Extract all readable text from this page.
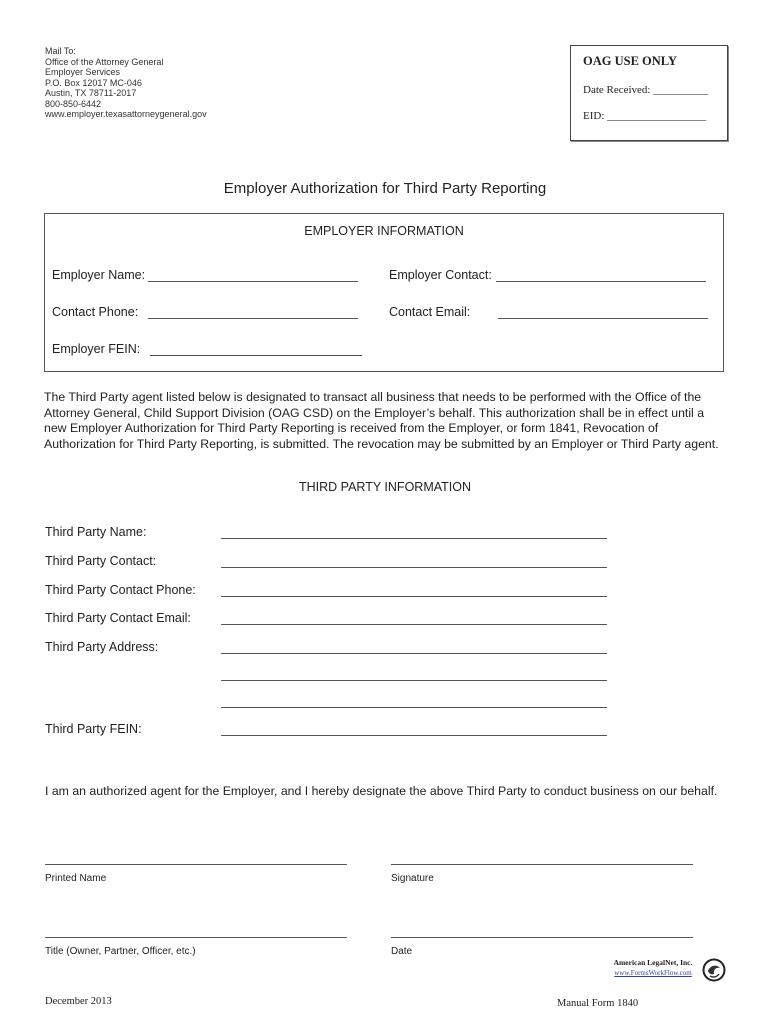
Mail To:
Office of the Attorney General
Employer Services
P.O. Box 12017 MC-046
Austin, TX 78711-2017
800-850-6442
www.employer.texasattorneygeneral.gov
OAG USE ONLY
Date Received: __________
EID: __________________
Employer Authorization for Third Party Reporting
EMPLOYER INFORMATION
Employer Name:	Employer Contact:
Contact Phone:	Contact Email:
Employer FEIN:
The Third Party agent listed below is designated to transact all business that needs to be performed with the Office of the Attorney General, Child Support Division (OAG CSD) on the Employer’s behalf. This authorization shall be in effect until a new Employer Authorization for Third Party Reporting is received from the Employer, or form 1841, Revocation of Authorization for Third Party Reporting, is submitted. The revocation may be submitted by an Employer or Third Party agent.
THIRD PARTY INFORMATION
Third Party Name:
Third Party Contact:
Third Party Contact Phone:
Third Party Contact Email:
Third Party Address:
Third Party FEIN:
I am an authorized agent for the Employer, and I hereby designate the above Third Party to conduct business on our behalf.
Printed Name	Signature
Title (Owner, Partner, Officer, etc.)	Date
American LegalNet, Inc.
www.FormsWorkFlow.com
December 2013	Manual Form 1840
